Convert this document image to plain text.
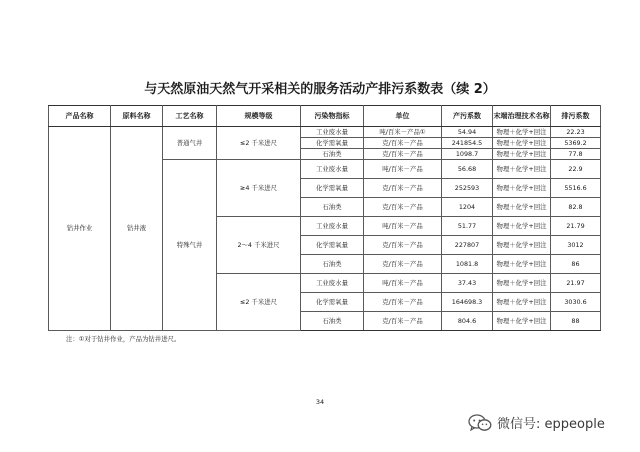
与天然原油天然气开采相关的服务活动产排污系数表（续 2）
产品名称	原料名称	工艺名称	规模等级	污染物指标	单位	产污系数	末端治理技术名称	排污系数
钻井作业	钻井液	普通气井	≤2 千米进尺	工业废水量	吨/百米－产品①	54.94	物理＋化学+回注	22.23
				化学需氧量	克/百米－产品	241854.5	物理＋化学+回注	5369.2
				石油类	克/百米－产品	1098.7	物理＋化学+回注	77.8
		特殊气井	≥4 千米进尺	工业废水量	吨/百米－产品	56.68	物理＋化学+回注	22.9
				化学需氧量	克/百米－产品	252593	物理＋化学+回注	5516.6
				石油类	克/百米－产品	1204	物理＋化学+回注	82.8
			2～4 千米进尺	工业废水量	吨/百米－产品	51.77	物理＋化学+回注	21.79
				化学需氧量	克/百米－产品	227807	物理＋化学+回注	3012
				石油类	克/百米－产品	1081.8	物理＋化学+回注	86
			≤2 千米进尺	工业废水量	吨/百米－产品	37.43	物理＋化学+回注	21.97
				化学需氧量	克/百米－产品	164698.3	物理＋化学+回注	3030.6
				石油类	克/百米－产品	804.6	物理＋化学+回注	88
注：①对于钻井作业，产品为钻井进尺。
34
微信号: eppeople
